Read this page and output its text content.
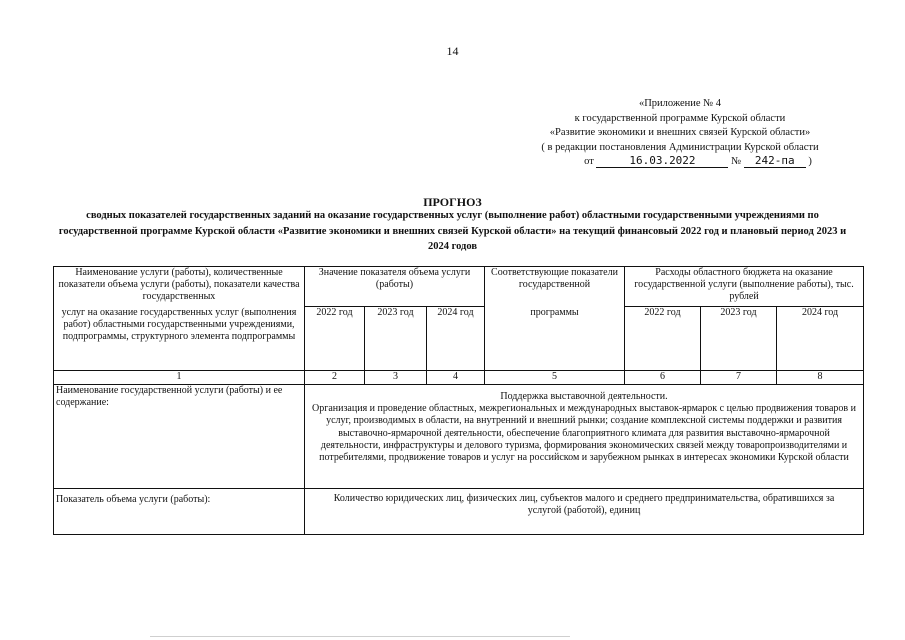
14
«Приложение № 4
к государственной программе Курской области
«Развитие экономики и внешних связей Курской области»
( в редакции постановления Администрации Курской области
от	16.03.2022	№ 242-па )
ПРОГНОЗ
сводных показателей государственных заданий на оказание государственных услуг (выполнение работ) областными государственными учреждениями по государственной программе Курской области «Развитие экономики и внешних связей Курской области» на текущий финансовый 2022 год и плановый период 2023 и 2024 годов
Наименование услуги (работы), количественные показатели объема услуги (работы), показатели качества государственных	Значение показателя объема услуги (работы)			Соответствующие показатели государственной	Расходы областного бюджета на оказание государственной услуги (выполнение работы), тыс. рублей		
услуг на оказание государственных услуг (выполнения работ) областными государственными учреждениями, подпрограммы, структурного элемента подпрограммы	2022 год	2023 год	2024 год	программы	2022 год	2023 год	2024 год
1	2	3	4	5	6	7	8
Наименование государственной услуги (работы) и ее содержание:	Поддержка выставочной деятельности.
Организация и проведение областных, межрегиональных и международных выставок-ярмарок с целью продвижения товаров и услуг, производимых в области, на внутренний и внешний рынки; создание комплексной системы поддержки и развития выставочно-ярмарочной деятельности, обеспечение благоприятного климата для развития выставочно-ярмарочной деятельности, инфраструктуры и делового туризма, формирования экономических связей между товаропроизводителями и потребителями, продвижение товаров и услуг на российском и зарубежном рынках в интересах экономики Курской области						

Показатель объема услуги (работы):	Количество юридических лиц, физических лиц, субъектов малого и среднего предпринимательства, обратившихся за услугой (работой), единиц						
